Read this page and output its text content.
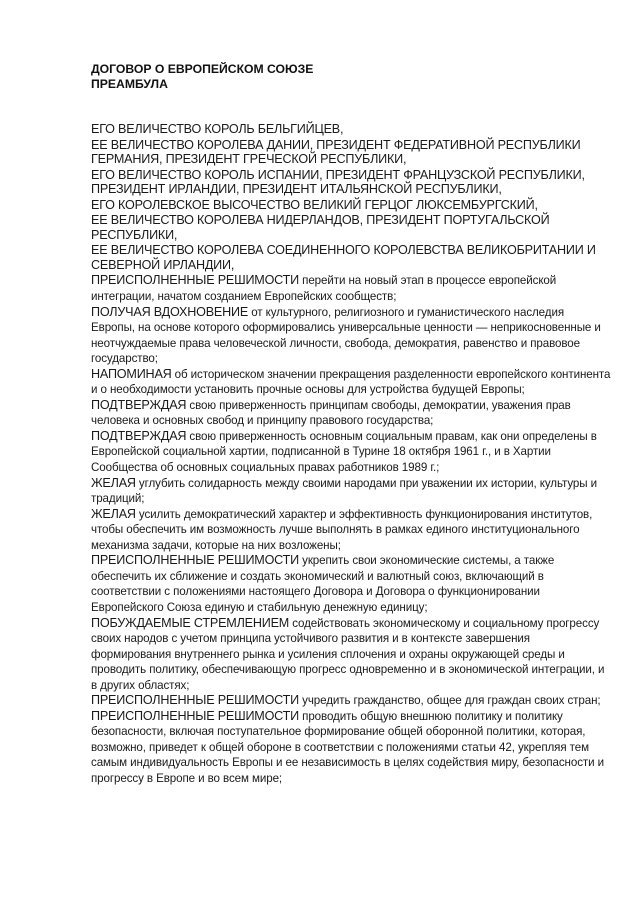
ДОГОВОР О ЕВРОПЕЙСКОМ СОЮЗЕ
ПРЕАМБУЛА

ЕГО ВЕЛИЧЕСТВО КОРОЛЬ БЕЛЬГИЙЦЕВ,

ЕЕ ВЕЛИЧЕСТВО КОРОЛЕВА ДАНИИ, ПРЕЗИДЕНТ ФЕДЕРАТИВНОЙ РЕСПУБЛИКИ ГЕРМАНИЯ, ПРЕЗИДЕНТ ГРЕЧЕСКОЙ РЕСПУБЛИКИ,

ЕГО ВЕЛИЧЕСТВО КОРОЛЬ ИСПАНИИ, ПРЕЗИДЕНТ ФРАНЦУЗСКОЙ РЕСПУБЛИКИ, ПРЕЗИДЕНТ ИРЛАНДИИ, ПРЕЗИДЕНТ ИТАЛЬЯНСКОЙ РЕСПУБЛИКИ,

ЕГО КОРОЛЕВСКОЕ ВЫСОЧЕСТВО ВЕЛИКИЙ ГЕРЦОГ ЛЮКСЕМБУРГСКИЙ,

ЕЕ ВЕЛИЧЕСТВО КОРОЛЕВА НИДЕРЛАНДОВ, ПРЕЗИДЕНТ ПОРТУГАЛЬСКОЙ РЕСПУБЛИКИ,

ЕЕ ВЕЛИЧЕСТВО КОРОЛЕВА СОЕДИНЕННОГО КОРОЛЕВСТВА ВЕЛИКОБРИТАНИИ И СЕВЕРНОЙ ИРЛАНДИИ,

ПРЕИСПОЛНЕННЫЕ РЕШИМОСТИ перейти на новый этап в процессе европейской интеграции, начатом созданием Европейских сообществ;

ПОЛУЧАЯ ВДОХНОВЕНИЕ от культурного, религиозного и гуманистического наследия Европы, на основе которого оформировались универсальные ценности — неприкосновенные и неотчуждаемые права человеческой личности, свобода, демократия, равенство и правовое государство;

НАПОМИНАЯ об историческом значении прекращения разделенности европейского континента и о необходимости установить прочные основы для устройства будущей Европы;

ПОДТВЕРЖДАЯ свою приверженность принципам свободы, демократии, уважения прав человека и основных свобод и принципу правового государства;

ПОДТВЕРЖДАЯ свою приверженность основным социальным правам, как они определены в Европейской социальной хартии, подписанной в Турине 18 октября 1961 г., и в Хартии Сообщества об основных социальных правах работников 1989 г.;

ЖЕЛАЯ углубить солидарность между своими народами при уважении их истории, культуры и традиций;

ЖЕЛАЯ усилить демократический характер и эффективность функционирования институтов, чтобы обеспечить им возможность лучше выполнять в рамках единого институционального механизма задачи, которые на них возложены;

ПРЕИСПОЛНЕННЫЕ РЕШИМОСТИ укрепить свои экономические системы, а также обеспечить их сближение и создать экономический и валютный союз, включающий в соответствии с положениями настоящего Договора и Договора о функционировании Европейского Союза единую и стабильную денежную единицу;

ПОБУЖДАЕМЫЕ СТРЕМЛЕНИЕМ содействовать экономическому и социальному прогрессу своих народов с учетом принципа устойчивого развития и в контексте завершения формирования внутреннего рынка и усиления сплочения и охраны окружающей среды и проводить политику, обеспечивающую прогресс одновременно и в экономической интеграции, и в других областях;

ПРЕИСПОЛНЕННЫЕ РЕШИМОСТИ учредить гражданство, общее для граждан своих стран;

ПРЕИСПОЛНЕННЫЕ РЕШИМОСТИ проводить общую внешнюю политику и политику безопасности, включая поступательное формирование общей оборонной политики, которая, возможно, приведет к общей обороне в соответствии с положениями статьи 42, укрепляя тем самым индивидуальность Европы и ее независимость в целях содействия миру, безопасности и прогрессу в Европе и во всем мире;
